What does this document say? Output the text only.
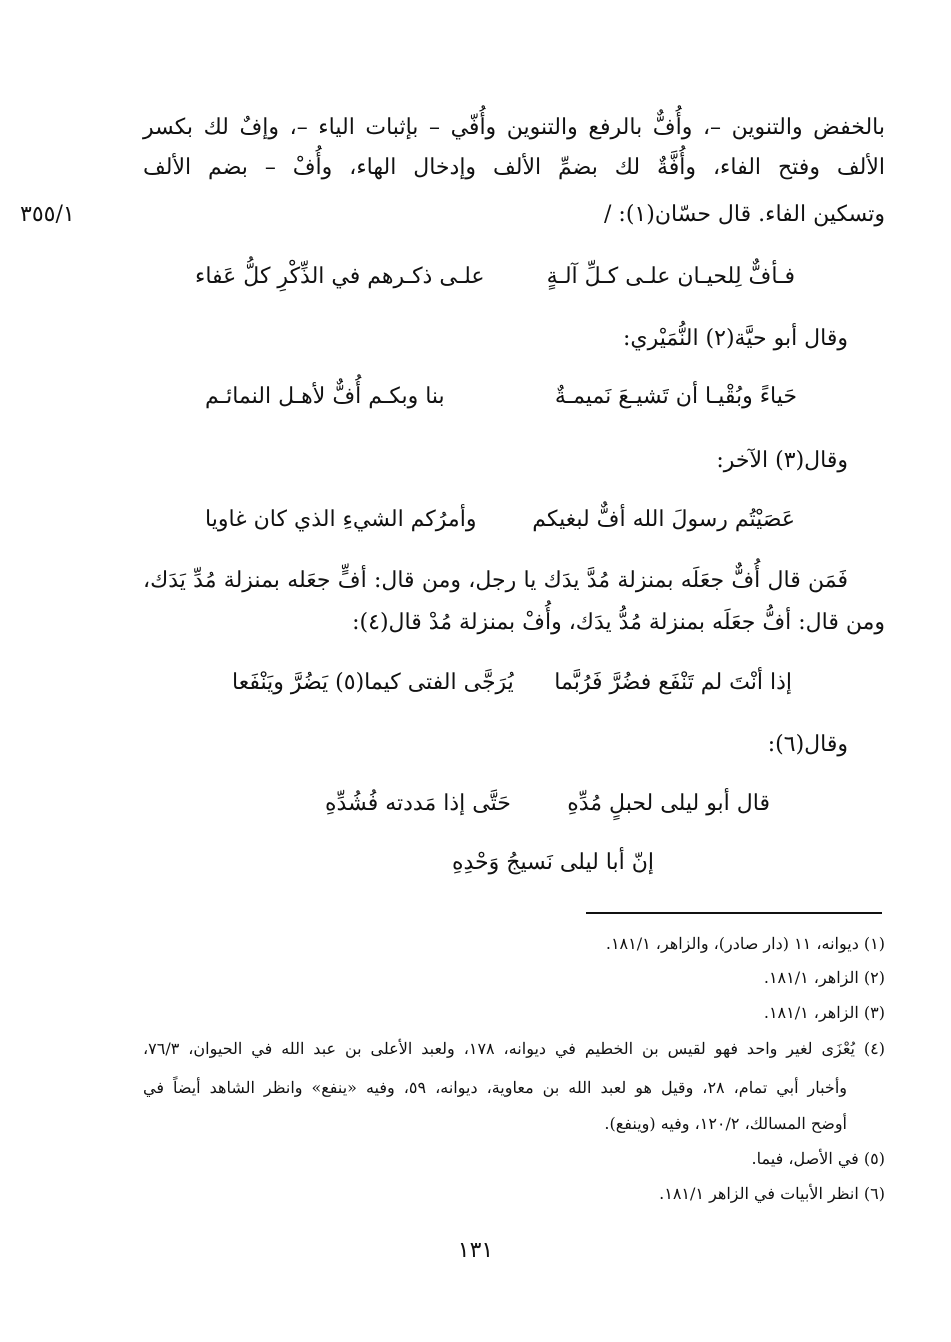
٣٥٥/١
بالخفض والتنوين –، وأُفٌّ بالرفع والتنوين وأُفّي – بإثبات الياء –، وإفٌ لك بكسر
الألف وفتح الفاء، وأُفَّةٌ لك بضمِّ الألف وإدخال الهاء، وأُفْ – بضم الألف
وتسكين الفاء. قال حسّان(١): /
فـأفٌّ لِلحيـان علـى كـلِّ آلـةٍ
علـى ذكـرهم في الذِّكْرِ كلُّ عَفاء
وقال أبو حيَّة(٢) النُّمَيْري:
حَياءً وبُقْيـا أن تَشيـعَ نَميمـةٌ
بنا وبكـم أُفٌّ لأهـل النمائـم
وقال(٣) الآخر:
عَصَيْتُم رسولَ الله أفٌّ لبغيكم
وأمرُكم الشيءِ الذي كان غاويا
فَمَن قال أُفٌّ جعَلَه بمنزلة مُدَّ يدَك يا رجل، ومن قال: أفٍّ جعَله بمنزلة مُدِّ يَدَك،
ومن قال: أفُّ جعَلَه بمنزلة مُدُّ يدَك، وأُفْ بمنزلة مُدْ قال(٤):
إذا أنْتَ لم تَنْفَع فضُرَّ فَرُبَّما
يُرَجَّى الفتى كيما(٥) يَضُرَّ ويَنْفَعا
وقال(٦):
قال أبو ليلى لحبلٍ مُدِّهِ
حَتَّى إذا مَددته فُشُدِّهِ
إنّ أبا ليلى نَسيجُ وَحْدِهِ
(١) ديوانه، ١١ (دار صادر)، والزاهر، ١٨١/١.
(٢) الزاهر، ١٨١/١.
(٣) الزاهر، ١٨١/١.
(٤) يُعْزَى لغير واحد فهو لقيس بن الخطيم في ديوانه، ١٧٨، ولعبد الأعلى بن عبد الله في الحيوان، ٧٦/٣،
وأخبار أبي تمام، ٢٨، وقيل هو لعبد الله بن معاوية، ديوانه، ٥٩، وفيه «ينفع» وانظر الشاهد أيضاً في
أوضح المسالك، ١٢٠/٢، وفيه (وينفع).
(٥) في الأصل، فيما.
(٦) انظر الأبيات في الزاهر ١٨١/١.
١٣١
